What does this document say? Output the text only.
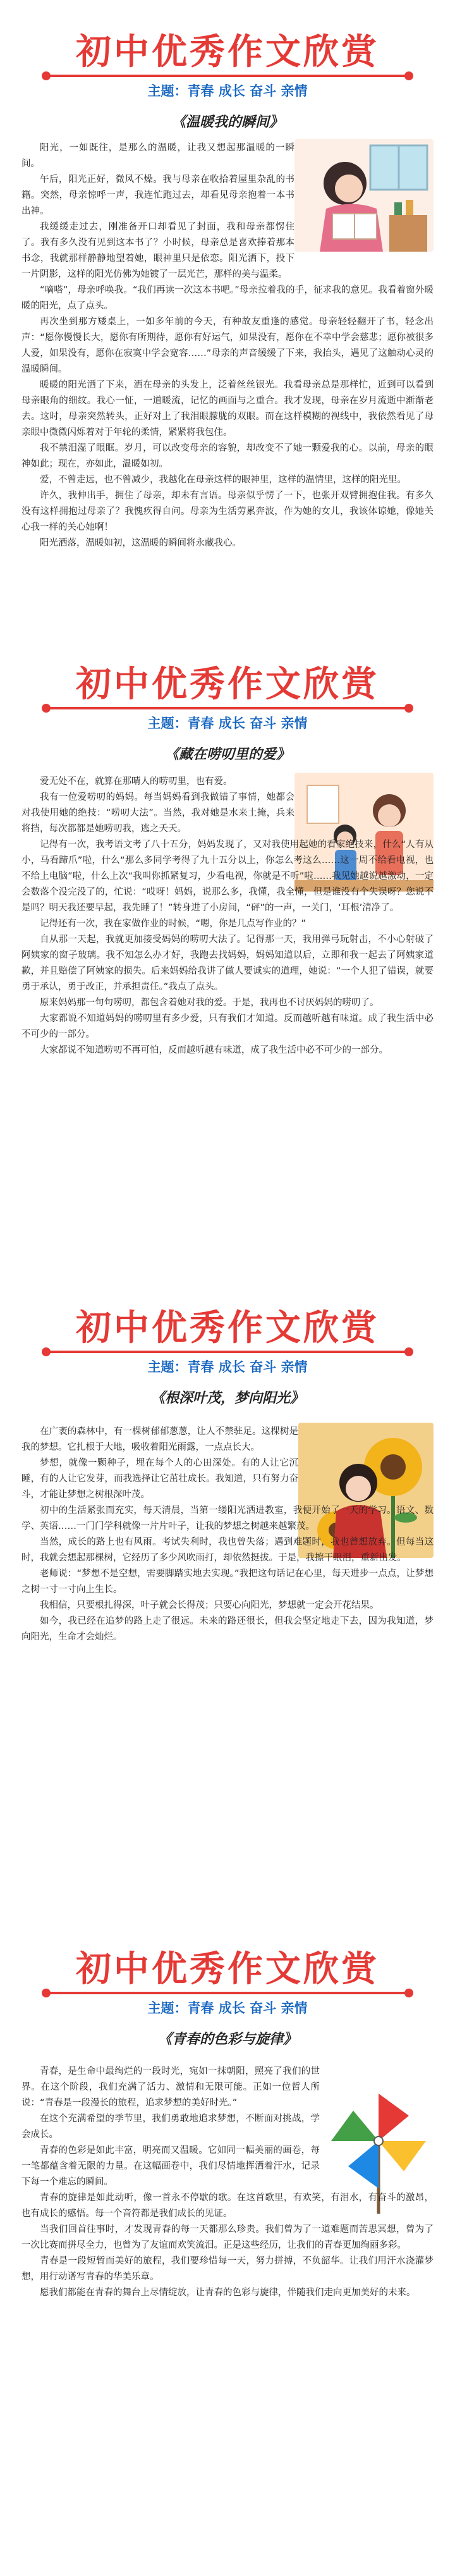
初中优秀作文欣赏
主题：青春 成长 奋斗 亲情
《温暖我的瞬间》

阳光，一如既往，是那么的温暖，让我又想起那温暖的一瞬间。

午后，阳光正好，微风不燥。我与母亲在收拾着屋里杂乱的书籍。突然，母亲惊呼一声，我连忙跑过去，却看见母亲抱着一本书出神。

我缓缓走过去，刚准备开口却看见了封面，我和母亲都愣住了。我有多久没有见到这本书了？小时候，母亲总是喜欢捧着那本书念，我就那样静静地望着她，眼神里只是依恋。阳光洒下，投下一片阴影，这样的阳光仿佛为她镀了一层光芒，那样的美与温柔。

“嘀嗒”，母亲呼唤我。“我们再读一次这本书吧。”母亲拉着我的手，征求我的意见。我看着窗外暖暖的阳光，点了点头。

再次坐到那方矮桌上，一如多年前的今天，有种故友重逢的感觉。母亲轻轻翻开了书，轻念出声：“愿你慢慢长大，愿你有所期待，愿你有好运气，如果没有，愿你在不幸中学会慈悲；愿你被很多人爱，如果没有，愿你在寂寞中学会宽容……”母亲的声音缓缓了下来，我抬头，遇见了这触动心灵的温暖瞬间。

暖暖的阳光洒了下来，洒在母亲的头发上，泛着丝丝银光。我看母亲总是那样忙，近到可以看到母亲眼角的细纹。我心一怔，一道暖流，记忆的画面与之重合。我才发现，母亲在岁月流逝中渐渐老去。这时，母亲突然转头，正好对上了我泪眼朦胧的双眼。而在这样模糊的视线中，我依然看见了母亲眼中微微闪烁着对于年轮的柔情，紧紧将我包住。

我不禁泪湿了眼眶。岁月，可以改变母亲的容貌，却改变不了她一颗爱我的心。以前，母亲的眼神如此；现在，亦如此，温暖如初。

爱，不曾走远，也不曾减少，我越化在母亲这样的眼神里，这样的温情里，这样的阳光里。

许久，我伸出手，拥住了母亲，却未有言语。母亲似乎愣了一下，也张开双臂拥抱住我。有多久没有这样拥抱过母亲了？我愧疚得自问。母亲为生活劳累奔波，作为她的女儿，我该体谅她，像她关心我一样的关心她啊！

阳光洒落，温暖如初，这温暖的瞬间将永藏我心。

初中优秀作文欣赏
主题：青春 成长 奋斗 亲情
《藏在唠叨里的爱》

爱无处不在，就算在那晴人的唠叨里，也有爱。

我有一位爱唠叨的妈妈。每当妈妈看到我做错了事情，她都会对我使用她的绝技：“唠叨大法”。当然，我对她是水来土掩，兵来将挡，每次都都是她唠叨我，逃之夭夭。

记得有一次，我考语文考了八十五分，妈妈发现了，又对我使用起她的看家绝技来，什么“人有从小，马看蹄爪”啦，什么“那么多同学考得了九十五分以上，你怎么考这么……这一周不给看电视，也不给上电脑”啦，什么上次“我叫你抓紧复习，少看电视，你就是不听”啦……我见她越说越激动，一定会数落个没完没了的，忙说：“哎呀！妈妈，说那么多，我懂，我全懂，但是谁没有个失误呀？您说不是吗？明天我还要早起，我先睡了！”转身进了小房间，“砰”的一声，一关门，‘耳根’清净了。

记得还有一次，我在家做作业的时候，“嗯，你是几点写作业的？”

自从那一天起，我就更加接受妈妈的唠叨大法了。记得那一天，我用弹弓玩射击，不小心射破了阿姨家的窗子玻璃。我不知怎么办才好，我跑去找妈妈，妈妈知道以后，立即和我一起去了阿姨家道歉，并且赔偿了阿姨家的损失。后来妈妈给我讲了做人要诚实的道理，她说：“一个人犯了错误，就要勇于承认，勇于改正，并承担责任。”我点了点头。

原来妈妈那一句句唠叨，都包含着她对我的爱。于是，我再也不讨厌妈妈的唠叨了。

大家都说不知道妈妈的唠叨里有多少爱，只有我们才知道。反而越听越有味道。成了我生活中必不可少的一部分。

大家都说不知道唠叨不再可怕，反而越听越有味道，成了我生活中必不可少的一部分。

初中优秀作文欣赏
主题：青春 成长 奋斗 亲情
《根深叶茂，梦向阳光》

在广袤的森林中，有一棵树郁郁葱葱，让人不禁驻足。这棵树是我的梦想。它扎根于大地，吸收着阳光雨露，一点点长大。

梦想，就像一颗种子，埋在每个人的心田深处。有的人让它沉睡，有的人让它发芽，而我选择让它茁壮成长。我知道，只有努力奋斗，才能让梦想之树根深叶茂。

初中的生活紧张而充实，每天清晨，当第一缕阳光洒进教室，我便开始了一天的学习。语文、数学、英语……一门门学科就像一片片叶子，让我的梦想之树越来越繁茂。

当然，成长的路上也有风雨。考试失利时，我也曾失落；遇到难题时，我也曾想放弃。但每当这时，我就会想起那棵树，它经历了多少风吹雨打，却依然挺拔。于是，我擦干眼泪，重新出发。

老师说：“梦想不是空想，需要脚踏实地去实现。”我把这句话记在心里，每天进步一点点，让梦想之树一寸一寸向上生长。

我相信，只要根扎得深，叶子就会长得茂；只要心向阳光，梦想就一定会开花结果。

如今，我已经在追梦的路上走了很远。未来的路还很长，但我会坚定地走下去，因为我知道，梦向阳光，生命才会灿烂。

初中优秀作文欣赏
主题：青春 成长 奋斗 亲情
《青春的色彩与旋律》

青春，是生命中最绚烂的一段时光，宛如一抹朝阳，照亮了我们的世界。在这个阶段，我们充满了活力、激情和无限可能。正如一位哲人所说：“青春是一段漫长的旅程，追求梦想的美好时光。”

在这个充满希望的季节里，我们勇敢地追求梦想，不断面对挑战，学会成长。

青春的色彩是如此丰富，明亮而又温暖。它如同一幅美丽的画卷，每一笔都蕴含着无限的力量。在这幅画卷中，我们尽情地挥洒着汗水，记录下每一个难忘的瞬间。

青春的旋律是如此动听，像一首永不停歇的歌。在这首歌里，有欢笑，有泪水，有奋斗的激昂，也有成长的感悟。每一个音符都是我们成长的见证。

当我们回首往事时，才发现青春的每一天都那么珍贵。我们曾为了一道难题而苦思冥想，曾为了一次比赛而拼尽全力，也曾为了友谊而欢笑流泪。正是这些经历，让我们的青春更加绚丽多彩。

青春是一段短暂而美好的旅程，我们要珍惜每一天，努力拼搏，不负韶华。让我们用汗水浇灌梦想，用行动谱写青春的华美乐章。

愿我们都能在青春的舞台上尽情绽放，让青春的色彩与旋律，伴随我们走向更加美好的未来。
